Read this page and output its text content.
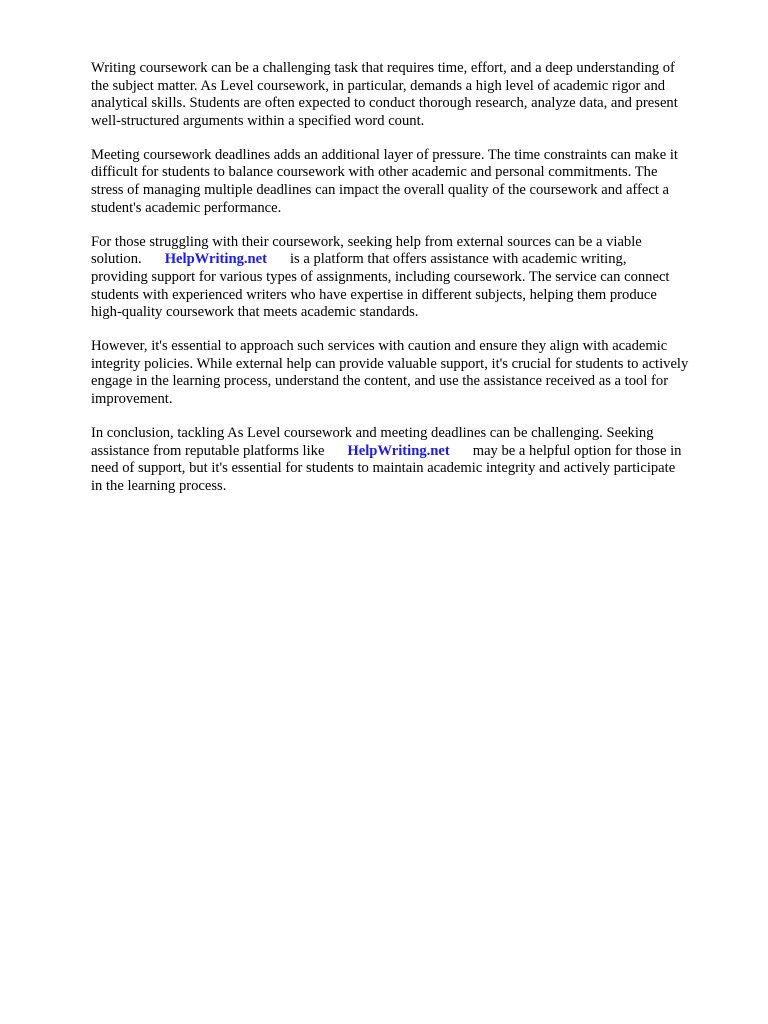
Writing coursework can be a challenging task that requires time, effort, and a deep understanding of
the subject matter. As Level coursework, in particular, demands a high level of academic rigor and
analytical skills. Students are often expected to conduct thorough research, analyze data, and present
well-structured arguments within a specified word count.

Meeting coursework deadlines adds an additional layer of pressure. The time constraints can make it
difficult for students to balance coursework with other academic and personal commitments. The
stress of managing multiple deadlines can impact the overall quality of the coursework and affect a
student's academic performance.

For those struggling with their coursework, seeking help from external sources can be a viable
solution. HelpWriting.net is a platform that offers assistance with academic writing,
providing support for various types of assignments, including coursework. The service can connect
students with experienced writers who have expertise in different subjects, helping them produce
high-quality coursework that meets academic standards.

However, it's essential to approach such services with caution and ensure they align with academic
integrity policies. While external help can provide valuable support, it's crucial for students to actively
engage in the learning process, understand the content, and use the assistance received as a tool for
improvement.

In conclusion, tackling As Level coursework and meeting deadlines can be challenging. Seeking
assistance from reputable platforms like HelpWriting.net may be a helpful option for those in
need of support, but it's essential for students to maintain academic integrity and actively participate
in the learning process.
